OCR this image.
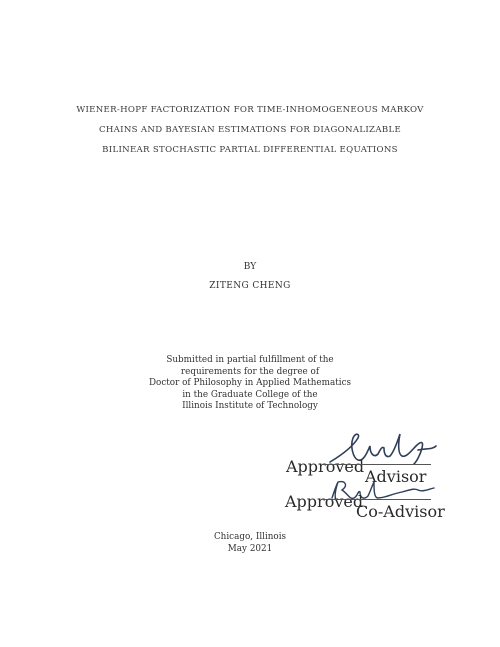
WIENER-HOPF FACTORIZATION FOR TIME-INHOMOGENEOUS MARKOV
CHAINS AND BAYESIAN ESTIMATIONS FOR DIAGONALIZABLE
BILINEAR STOCHASTIC PARTIAL DIFFERENTIAL EQUATIONS
BY
ZITENG CHENG
Submitted in partial fulfillment of the
requirements for the degree of
Doctor of Philosophy in Applied Mathematics
in the Graduate College of the
Illinois Institute of Technology
Approved
Advisor
Approved
Co-Advisor
Chicago, Illinois
May 2021
